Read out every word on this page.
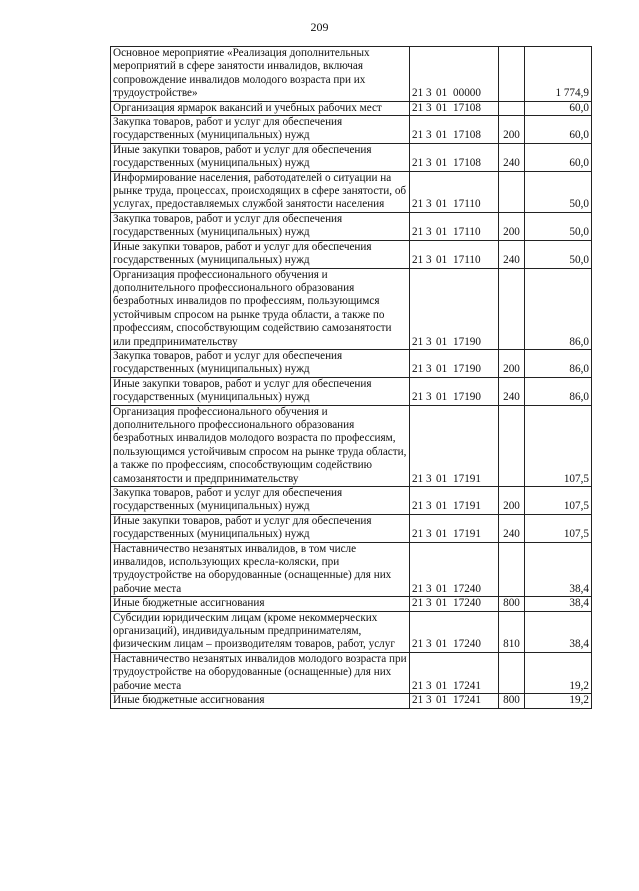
209
Основное мероприятие «Реализация дополнительных мероприятий в сфере занятости инвалидов, включая сопровождение инвалидов молодого возраста при их трудоустройстве»	21 3 01 00000		1 774,9
Организация ярмарок вакансий и учебных рабочих мест	21 3 01 17108		60,0
Закупка товаров, работ и услуг для обеспечения государственных (муниципальных) нужд	21 3 01 17108	200	60,0
Иные закупки товаров, работ и услуг для обеспечения государственных (муниципальных) нужд	21 3 01 17108	240	60,0
Информирование населения, работодателей о ситуации на рынке труда, процессах, происходящих в сфере занятости, об услугах, предоставляемых службой занятости населения	21 3 01 17110		50,0
Закупка товаров, работ и услуг для обеспечения государственных (муниципальных) нужд	21 3 01 17110	200	50,0
Иные закупки товаров, работ и услуг для обеспечения государственных (муниципальных) нужд	21 3 01 17110	240	50,0
Организация профессионального обучения и дополнительного профессионального образования безработных инвалидов по профессиям, пользующимся устойчивым спросом на рынке труда области, а также по профессиям, способствующим содействию самозанятости или предпринимательству	21 3 01 17190		86,0
Закупка товаров, работ и услуг для обеспечения государственных (муниципальных) нужд	21 3 01 17190	200	86,0
Иные закупки товаров, работ и услуг для обеспечения государственных (муниципальных) нужд	21 3 01 17190	240	86,0
Организация профессионального обучения и дополнительного профессионального образования безработных инвалидов молодого возраста по профессиям, пользующимся устойчивым спросом на рынке труда области, а также по профессиям, способствующим содействию самозанятости и предпринимательству	21 3 01 17191		107,5
Закупка товаров, работ и услуг для обеспечения государственных (муниципальных) нужд	21 3 01 17191	200	107,5
Иные закупки товаров, работ и услуг для обеспечения государственных (муниципальных) нужд	21 3 01 17191	240	107,5
Наставничество незанятых инвалидов, в том числе инвалидов, использующих кресла-коляски, при трудоустройстве на оборудованные (оснащенные) для них рабочие места	21 3 01 17240		38,4
Иные бюджетные ассигнования	21 3 01 17240	800	38,4
Субсидии юридическим лицам (кроме некоммерческих организаций), индивидуальным предпринимателям, физическим лицам – производителям товаров, работ, услуг	21 3 01 17240	810	38,4
Наставничество незанятых инвалидов молодого возраста при трудоустройстве на оборудованные (оснащенные) для них рабочие места	21 3 01 17241		19,2
Иные бюджетные ассигнования	21 3 01 17241	800	19,2
